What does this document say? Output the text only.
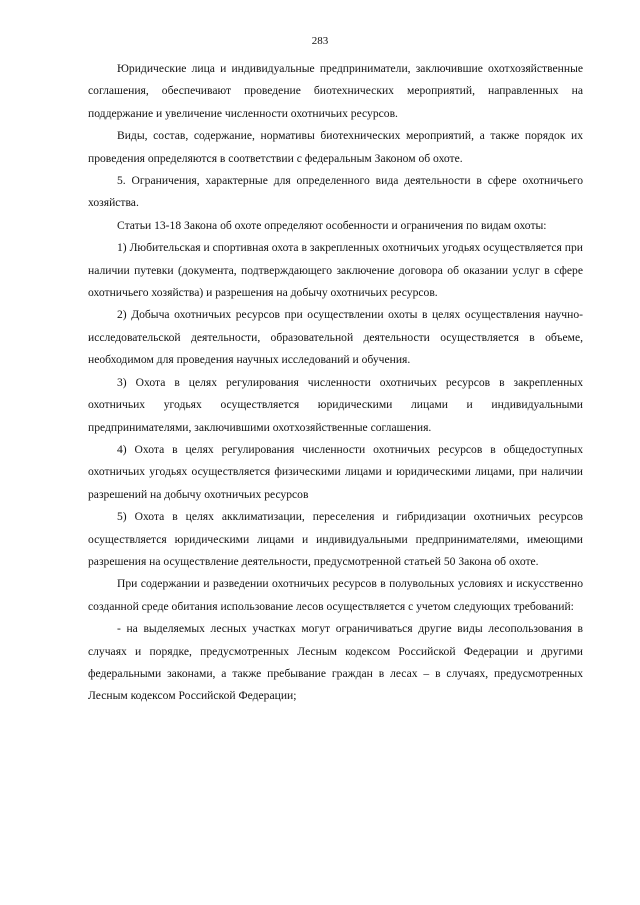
283

Юридические лица и индивидуальные предприниматели, заключившие охотхозяйственные соглашения, обеспечивают проведение биотехнических мероприятий, направленных на поддержание и увеличение численности охотничьих ресурсов.

Виды, состав, содержание, нормативы биотехнических мероприятий, а также порядок их проведения определяются в соответствии с федеральным Законом об охоте.

5. Ограничения, характерные для определенного вида деятельности в сфере охотничьего хозяйства.

Статьи 13-18 Закона об охоте определяют особенности и ограничения по видам охоты:

1) Любительская и спортивная охота в закрепленных охотничьих угодьях осуществляется при наличии путевки (документа, подтверждающего заключение договора об оказании услуг в сфере охотничьего хозяйства) и разрешения на добычу охотничьих ресурсов.

2) Добыча охотничьих ресурсов при осуществлении охоты в целях осуществления научно-исследовательской деятельности, образовательной деятельности осуществляется в объеме, необходимом для проведения научных исследований и обучения.

3) Охота в целях регулирования численности охотничьих ресурсов в закрепленных охотничьих угодьях осуществляется юридическими лицами и индивидуальными предпринимателями, заключившими охотхозяйственные соглашения.

4) Охота в целях регулирования численности охотничьих ресурсов в общедоступных охотничьих угодьях осуществляется физическими лицами и юридическими лицами, при наличии разрешений на добычу охотничьих ресурсов

5) Охота в целях акклиматизации, переселения и гибридизации охотничьих ресурсов осуществляется юридическими лицами и индивидуальными предпринимателями, имеющими разрешения на осуществление деятельности, предусмотренной статьей 50 Закона об охоте.

При содержании и разведении охотничьих ресурсов в полувольных условиях и искусственно созданной среде обитания использование лесов осуществляется с учетом следующих требований:

- на выделяемых лесных участках могут ограничиваться другие виды лесопользования в случаях и порядке, предусмотренных Лесным кодексом Российской Федерации и другими федеральными законами, а также пребывание граждан в лесах – в случаях, предусмотренных Лесным кодексом Российской Федерации;
